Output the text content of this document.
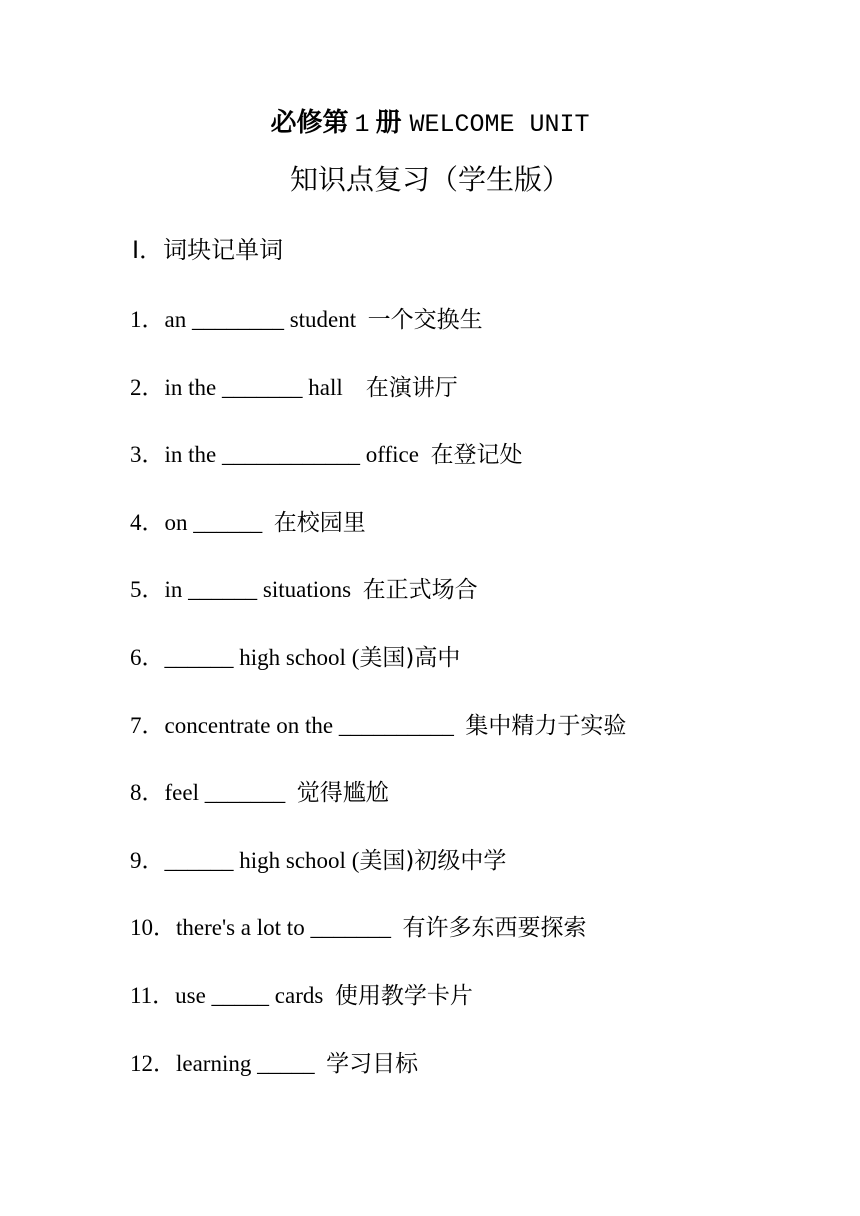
必修第 1 册 WELCOME UNIT
知识点复习（学生版）
Ⅰ．词块记单词
1．an ________ student 一个交换生
2．in the _______ hall 在演讲厅
3．in the ____________ office 在登记处
4．on ______ 在校园里
5．in ______ situations 在正式场合
6．______ high school (美国)高中
7．concentrate on the __________ 集中精力于实验
8．feel _______ 觉得尴尬
9．______ high school (美国)初级中学
10．there's a lot to _______ 有许多东西要探索
11．use _____ cards 使用教学卡片
12．learning _____ 学习目标
